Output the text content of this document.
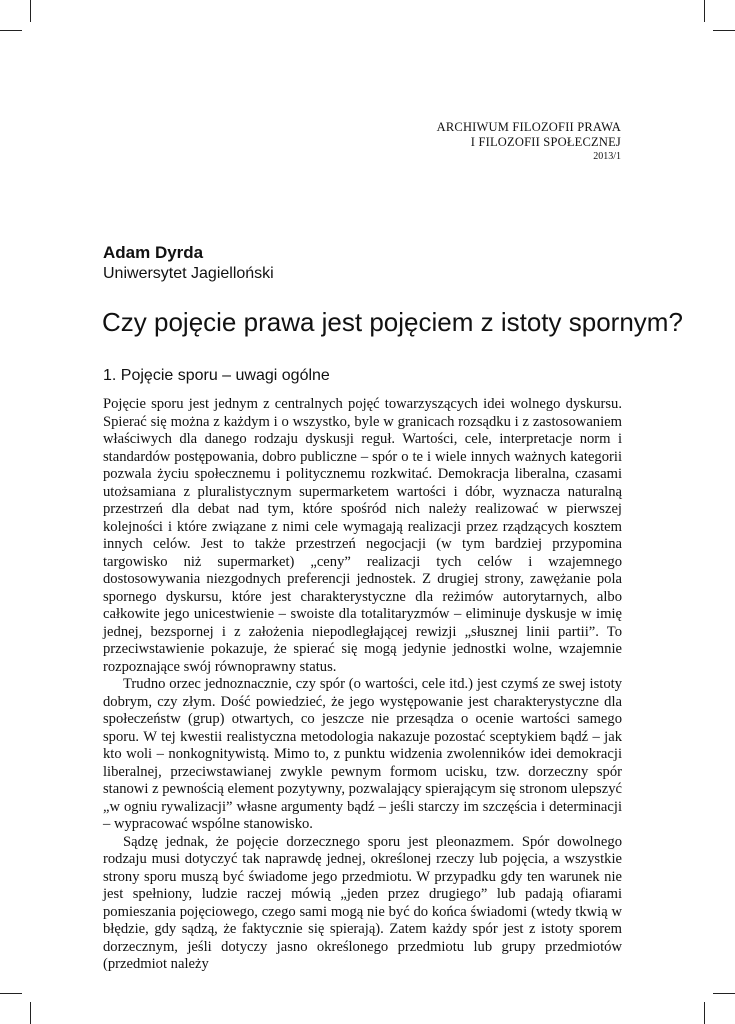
ARCHIWUM FILOZOFII PRAWA
I FILOZOFII SPOŁECZNEJ
2013/1
Adam Dyrda
Uniwersytet Jagielloński
Czy pojęcie prawa jest pojęciem z istoty spornym?
1. Pojęcie sporu – uwagi ogólne

Pojęcie sporu jest jednym z centralnych pojęć towarzyszących idei wolnego dyskursu. Spierać się można z każdym i o wszystko, byle w granicach rozsądku i z zastosowaniem właściwych dla danego rodzaju dyskusji reguł. Wartości, cele, interpretacje norm i standardów postępowania, dobro publiczne – spór o te i wiele innych ważnych kategorii pozwala życiu społecznemu i politycznemu rozkwitać. Demokracja liberalna, czasami utożsamiana z pluralistycznym supermarketem wartości i dóbr, wyznacza naturalną przestrzeń dla debat nad tym, które spośród nich należy realizować w pierwszej kolejności i które związane z nimi cele wymagają realizacji przez rządzących kosztem innych celów. Jest to także przestrzeń negocjacji (w tym bardziej przypomina targowisko niż supermarket) „ceny” realizacji tych celów i wzajemnego dostosowywania niezgodnych preferencji jednostek. Z drugiej strony, zawężanie pola spornego dyskursu, które jest charakterystyczne dla reżimów autorytarnych, albo całkowite jego unicestwienie – swoiste dla totalitaryzmów – eliminuje dyskusje w imię jednej, bezspornej i z założenia niepodległającej rewizji „słusznej linii partii”. To przeciwstawienie pokazuje, że spierać się mogą jedynie jednostki wolne, wzajemnie rozpoznające swój równoprawny status.

Trudno orzec jednoznacznie, czy spór (o wartości, cele itd.) jest czymś ze swej istoty dobrym, czy złym. Dość powiedzieć, że jego występowanie jest charakterystyczne dla społeczeństw (grup) otwartych, co jeszcze nie przesądza o ocenie wartości samego sporu. W tej kwestii realistyczna metodologia nakazuje pozostać sceptykiem bądź – jak kto woli – nonkognitywistą. Mimo to, z punktu widzenia zwolenników idei demokracji liberalnej, przeciwstawianej zwykle pewnym formom ucisku, tzw. dorzeczny spór stanowi z pewnością element pozytywny, pozwalający spierającym się stronom ulepszyć „w ogniu rywalizacji” własne argumenty bądź – jeśli starczy im szczęścia i determinacji – wypracować wspólne stanowisko.

Sądzę jednak, że pojęcie dorzecznego sporu jest pleonazmem. Spór dowolnego rodzaju musi dotyczyć tak naprawdę jednej, określonej rzeczy lub pojęcia, a wszystkie strony sporu muszą być świadome jego przedmiotu. W przypadku gdy ten warunek nie jest spełniony, ludzie raczej mówią „jeden przez drugiego” lub padają ofiarami pomieszania pojęciowego, czego sami mogą nie być do końca świadomi (wtedy tkwią w błędzie, gdy sądzą, że faktycznie się spierają). Zatem każdy spór jest z istoty sporem dorzecznym, jeśli dotyczy jasno określonego przedmiotu lub grupy przedmiotów (przedmiot należy
